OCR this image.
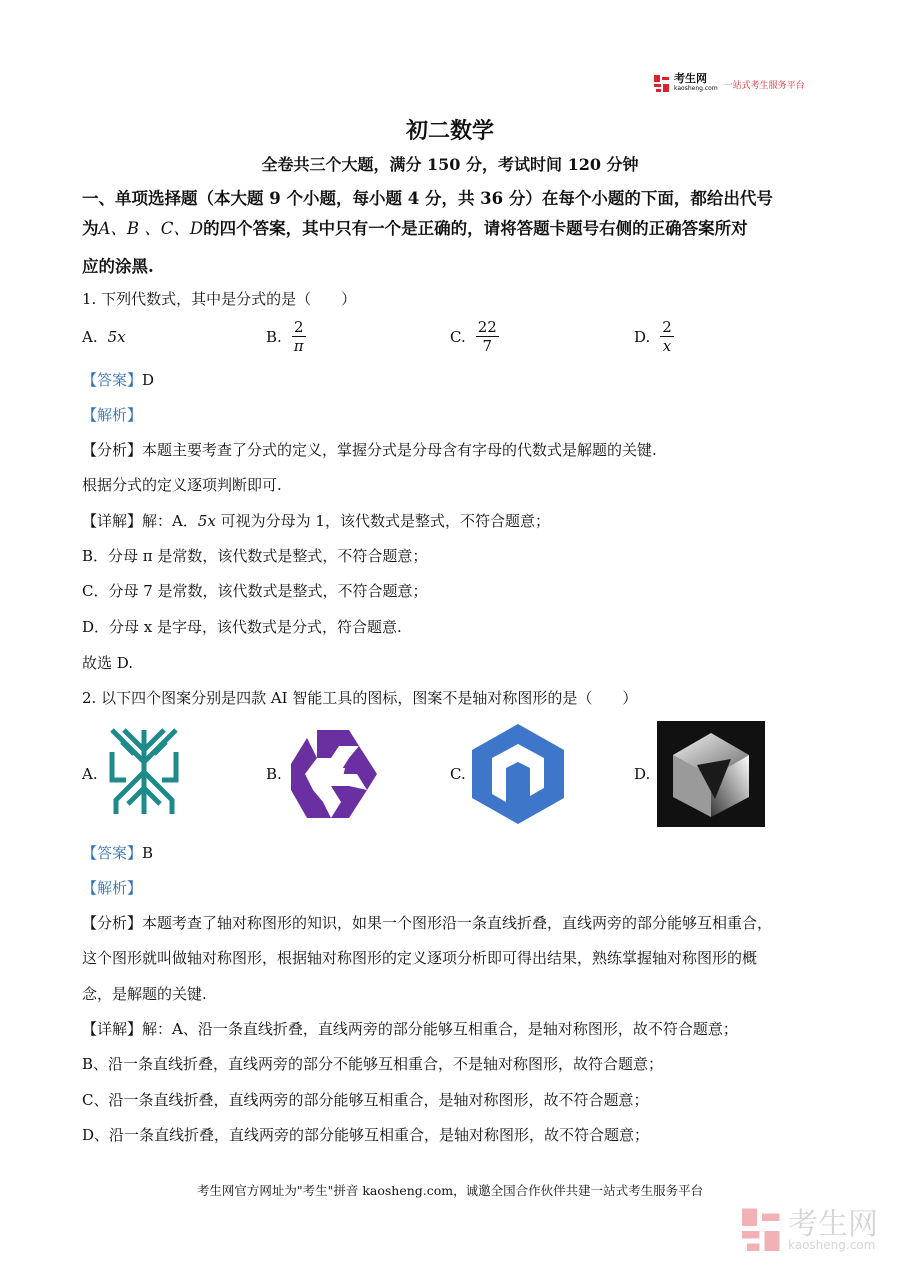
考生网
kaosheng.com 一站式考生服务平台
初二数学
全卷共三个大题，满分 150 分，考试时间 120 分钟
一、单项选择题（本大题 9 个小题，每小题 4 分，共 36 分）在每个小题的下面，都给出代号
为A、B 、C、D的四个答案，其中只有一个是正确的，请将答题卡题号右侧的正确答案所对
应的涂黑.
1. 下列代数式，其中是分式的是（　　）
A. 5x	B. $\frac{2}{\pi}$	C. $\frac{22}{7}$	D. $\frac{2}{x}$
【答案】D
【解析】
【分析】本题主要考查了分式的定义，掌握分式是分母含有字母的代数式是解题的关键.
根据分式的定义逐项判断即可.
【详解】解：A．5x 可视为分母为 1，该代数式是整式，不符合题意；
B．分母 π 是常数，该代数式是整式，不符合题意；
C．分母 7 是常数，该代数式是整式，不符合题意；
D．分母 x 是字母，该代数式是分式，符合题意.
故选 D.
2. 以下四个图案分别是四款 AI 智能工具的图标，图案不是轴对称图形的是（　　）
A.	B.	C.	D.
【答案】B
【解析】
【分析】本题考查了轴对称图形的知识，如果一个图形沿一条直线折叠，直线两旁的部分能够互相重合，
这个图形就叫做轴对称图形，根据轴对称图形的定义逐项分析即可得出结果，熟练掌握轴对称图形的概
念，是解题的关键.
【详解】解：A、沿一条直线折叠，直线两旁的部分能够互相重合，是轴对称图形，故不符合题意；
B、沿一条直线折叠，直线两旁的部分不能够互相重合，不是轴对称图形，故符合题意；
C、沿一条直线折叠，直线两旁的部分能够互相重合，是轴对称图形，故不符合题意；
D、沿一条直线折叠，直线两旁的部分能够互相重合，是轴对称图形，故不符合题意；
考生网官方网址为"考生"拼音 kaosheng.com，诚邀全国合作伙伴共建一站式考生服务平台
考生网
kaosheng.com
